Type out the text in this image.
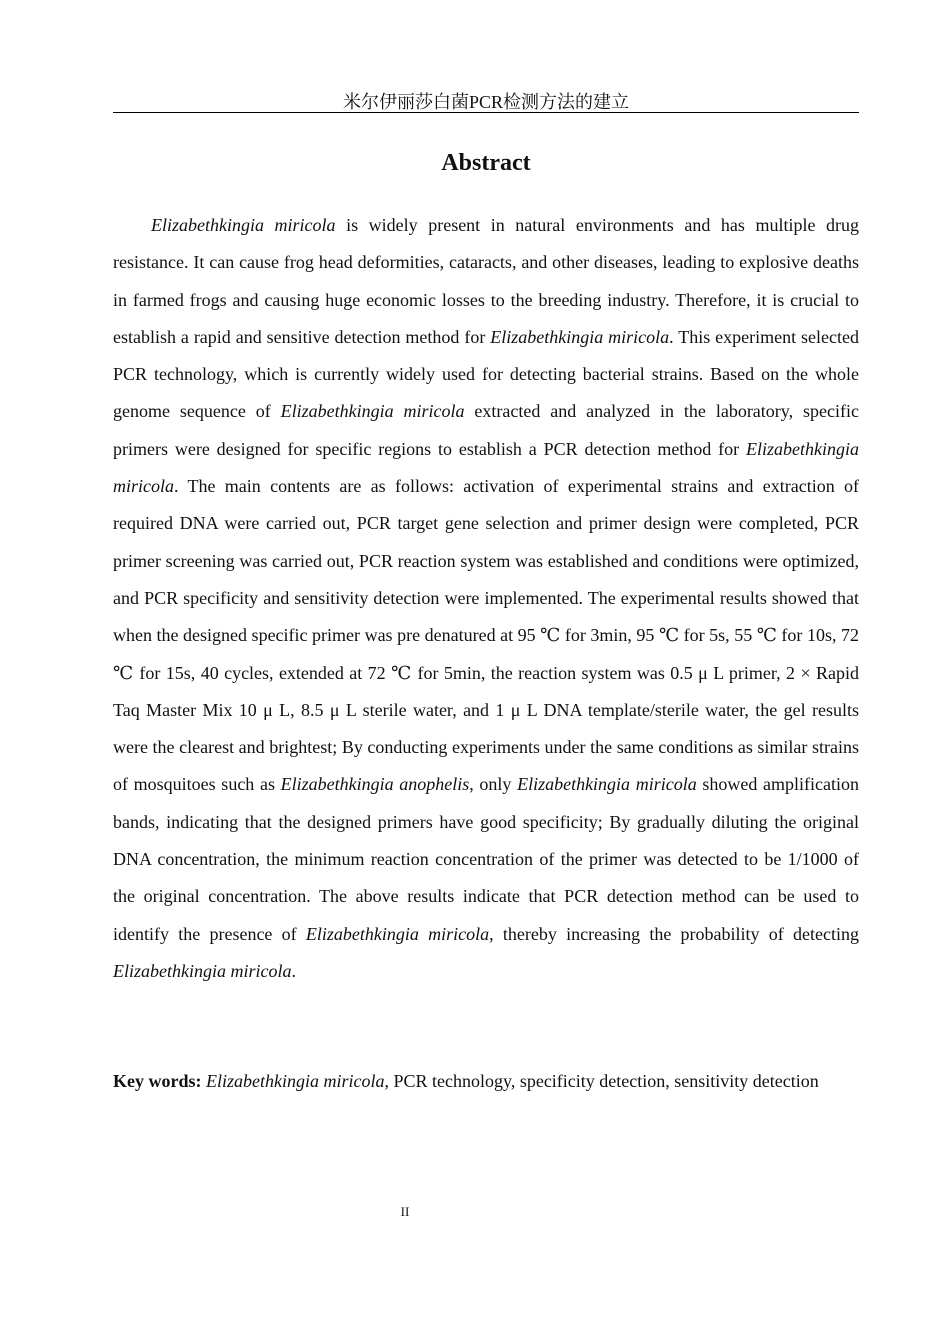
米尔伊丽莎白菌PCR检测方法的建立
Abstract

Elizabethkingia miricola is widely present in natural environments and has multiple drug resistance. It can cause frog head deformities, cataracts, and other diseases, leading to explosive deaths in farmed frogs and causing huge economic losses to the breeding industry. Therefore, it is crucial to establish a rapid and sensitive detection method for Elizabethkingia miricola. This experiment selected PCR technology, which is currently widely used for detecting bacterial strains. Based on the whole genome sequence of Elizabethkingia miricola extracted and analyzed in the laboratory, specific primers were designed for specific regions to establish a PCR detection method for Elizabethkingia miricola. The main contents are as follows: activation of experimental strains and extraction of required DNA were carried out, PCR target gene selection and primer design were completed, PCR primer screening was carried out, PCR reaction system was established and conditions were optimized, and PCR specificity and sensitivity detection were implemented. The experimental results showed that when the designed specific primer was pre denatured at 95 ℃ for 3min, 95 ℃ for 5s, 55 ℃ for 10s, 72 ℃ for 15s, 40 cycles, extended at 72 ℃ for 5min, the reaction system was 0.5 μ L primer, 2 × Rapid Taq Master Mix 10 μ L, 8.5 μ L sterile water, and 1 μ L DNA template/sterile water, the gel results were the clearest and brightest; By conducting experiments under the same conditions as similar strains of mosquitoes such as Elizabethkingia anophelis, only Elizabethkingia miricola showed amplification bands, indicating that the designed primers have good specificity; By gradually diluting the original DNA concentration, the minimum reaction concentration of the primer was detected to be 1/1000 of the original concentration. The above results indicate that PCR detection method can be used to identify the presence of Elizabethkingia miricola, thereby increasing the probability of detecting Elizabethkingia miricola.

Key words: Elizabethkingia miricola, PCR technology, specificity detection, sensitivity detection

II
